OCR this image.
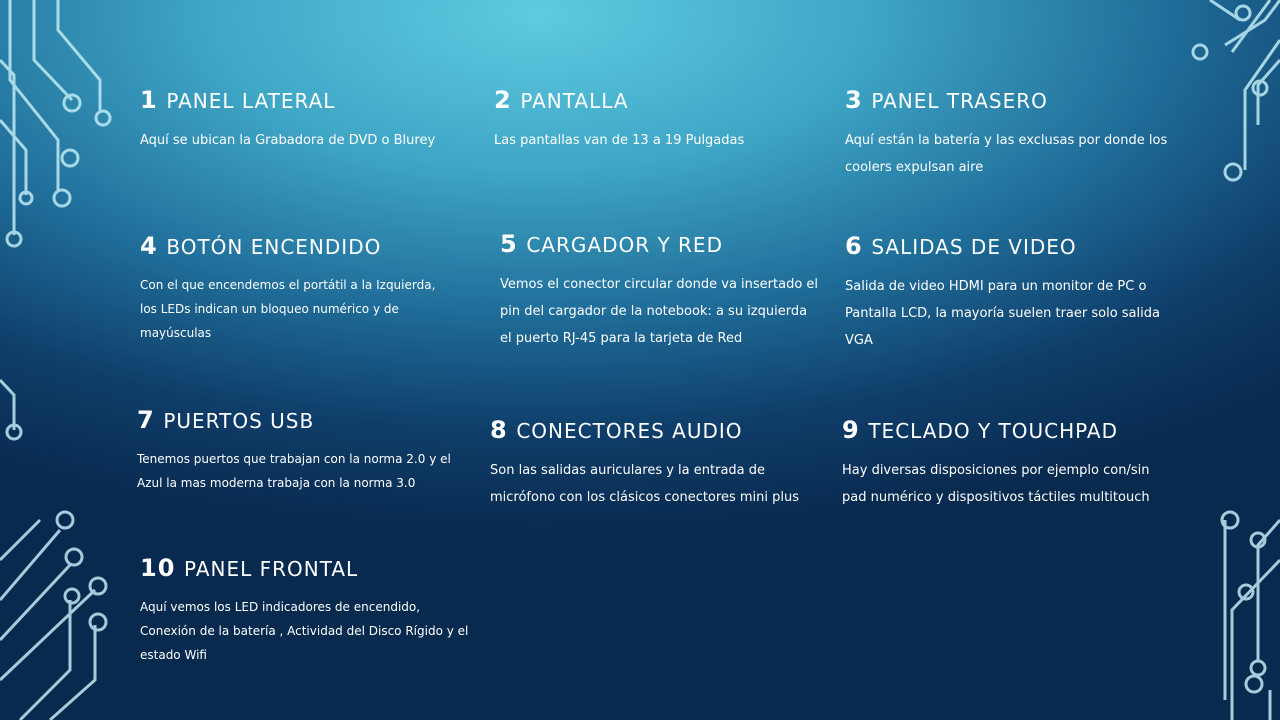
1 PANEL LATERAL
Aquí se ubican la Grabadora de DVD o Blurey
2 PANTALLA
Las pantallas van de 13 a 19 Pulgadas
3 PANEL TRASERO
Aquí están la batería y las exclusas por donde los coolers expulsan aire
4 BOTÓN ENCENDIDO
Con el que encendemos el portátil a la Izquierda, los LEDs indican un bloqueo numérico y de mayúsculas
5 CARGADOR Y RED
Vemos el conector circular donde va insertado el pin del cargador de la notebook: a su izquierda el puerto RJ-45 para la tarjeta de Red
6 SALIDAS DE VIDEO
Salida de video HDMI para un monitor de PC o Pantalla LCD, la mayoría suelen traer solo salida VGA
7 PUERTOS USB
Tenemos puertos que trabajan con la norma 2.0 y el Azul la mas moderna trabaja con la norma 3.0
8 CONECTORES AUDIO
Son las salidas auriculares y la entrada de micrófono con los clásicos conectores mini plus
9 TECLADO Y TOUCHPAD
Hay diversas disposiciones por ejemplo con/sin pad numérico y dispositivos táctiles multitouch
10 PANEL FRONTAL
Aquí vemos los LED indicadores de encendido, Conexión de la batería , Actividad del Disco Rígido y el estado Wifi
